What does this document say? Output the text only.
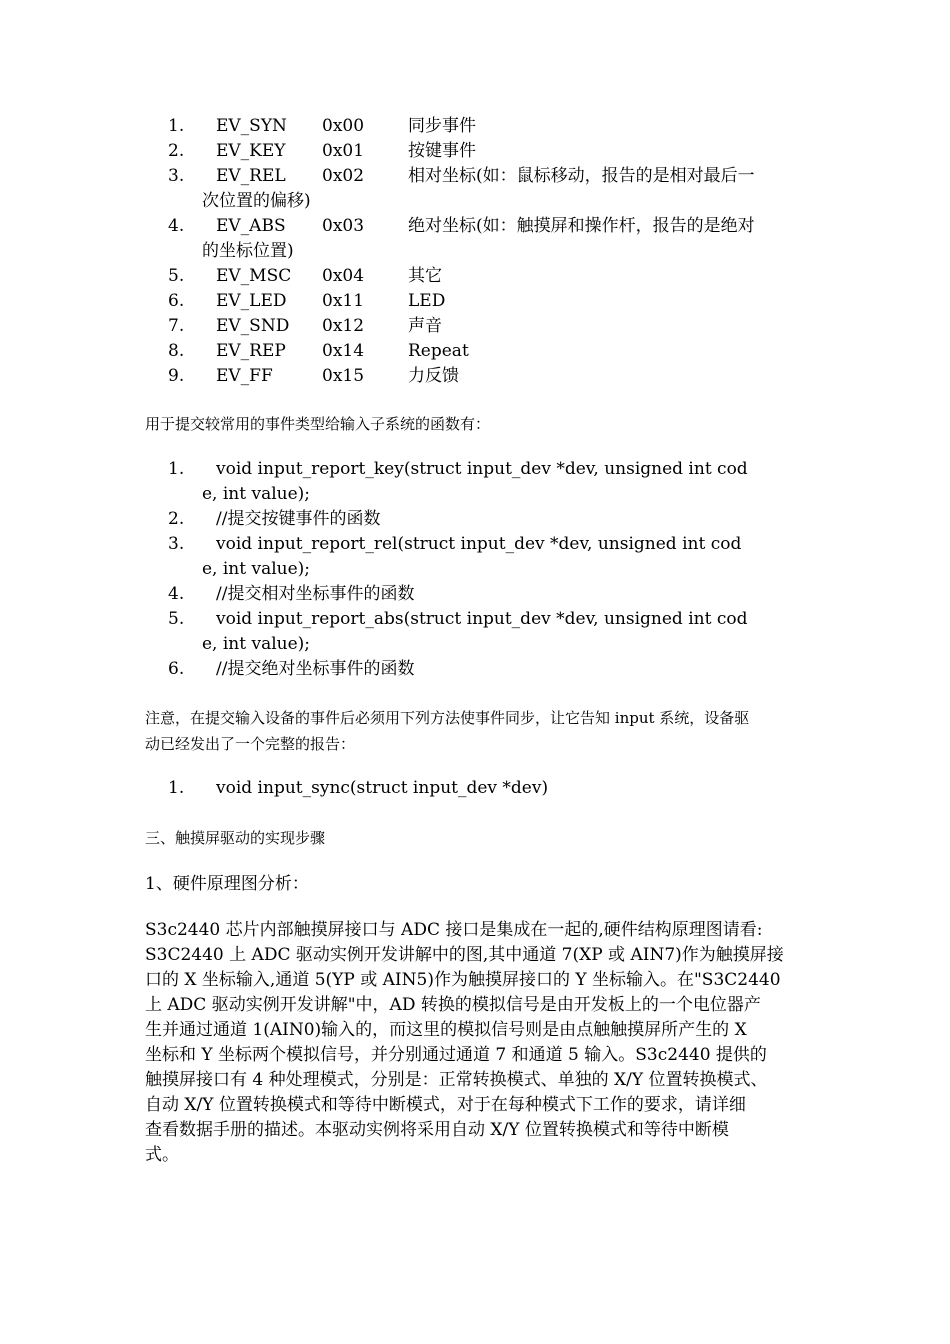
1.	EV_SYN 0x00	同步事件
2.	EV_KEY 0x01	按键事件
3.	EV_REL 0x02	相对坐标(如：鼠标移动，报告的是相对最后一
次位置的偏移)
4.	EV_ABS 0x03	绝对坐标(如：触摸屏和操作杆，报告的是绝对
的坐标位置)
5.	EV_MSC 0x04	其它
6.	EV_LED 0x11	LED
7.	EV_SND 0x12	声音
8.	EV_REP 0x14	Repeat
9.	EV_FF	0x15	力反馈
用于提交较常用的事件类型给输入子系统的函数有：
1.	void input_report_key(struct input_dev *dev, unsigned int cod
e, int value);
2.	//提交按键事件的函数
3.	void input_report_rel(struct input_dev *dev, unsigned int cod
e, int value);
4.	//提交相对坐标事件的函数
5.	void input_report_abs(struct input_dev *dev, unsigned int cod
e, int value);
6.	//提交绝对坐标事件的函数
注意，在提交输入设备的事件后必须用下列方法使事件同步，让它告知 input 系统，设备驱
动已经发出了一个完整的报告：
1.	void input_sync(struct input_dev *dev)
三、触摸屏驱动的实现步骤
1、硬件原理图分析：
S3c2440 芯片内部触摸屏接口与 ADC 接口是集成在一起的,硬件结构原理图请看:
S3C2440 上 ADC 驱动实例开发讲解中的图,其中通道 7(XP 或 AIN7)作为触摸屏接
口的 X 坐标输入,通道 5(YP 或 AIN5)作为触摸屏接口的 Y 坐标输入。在"S3C2440
上 ADC 驱动实例开发讲解"中，AD 转换的模拟信号是由开发板上的一个电位器产
生并通过通道 1(AIN0)输入的，而这里的模拟信号则是由点触触摸屏所产生的 X
坐标和 Y 坐标两个模拟信号，并分别通过通道 7 和通道 5 输入。S3c2440 提供的
触摸屏接口有 4 种处理模式，分别是：正常转换模式、单独的 X/Y 位置转换模式、
自动 X/Y 位置转换模式和等待中断模式，对于在每种模式下工作的要求，请详细
查看数据手册的描述。本驱动实例将采用自动 X/Y 位置转换模式和等待中断模
式。
